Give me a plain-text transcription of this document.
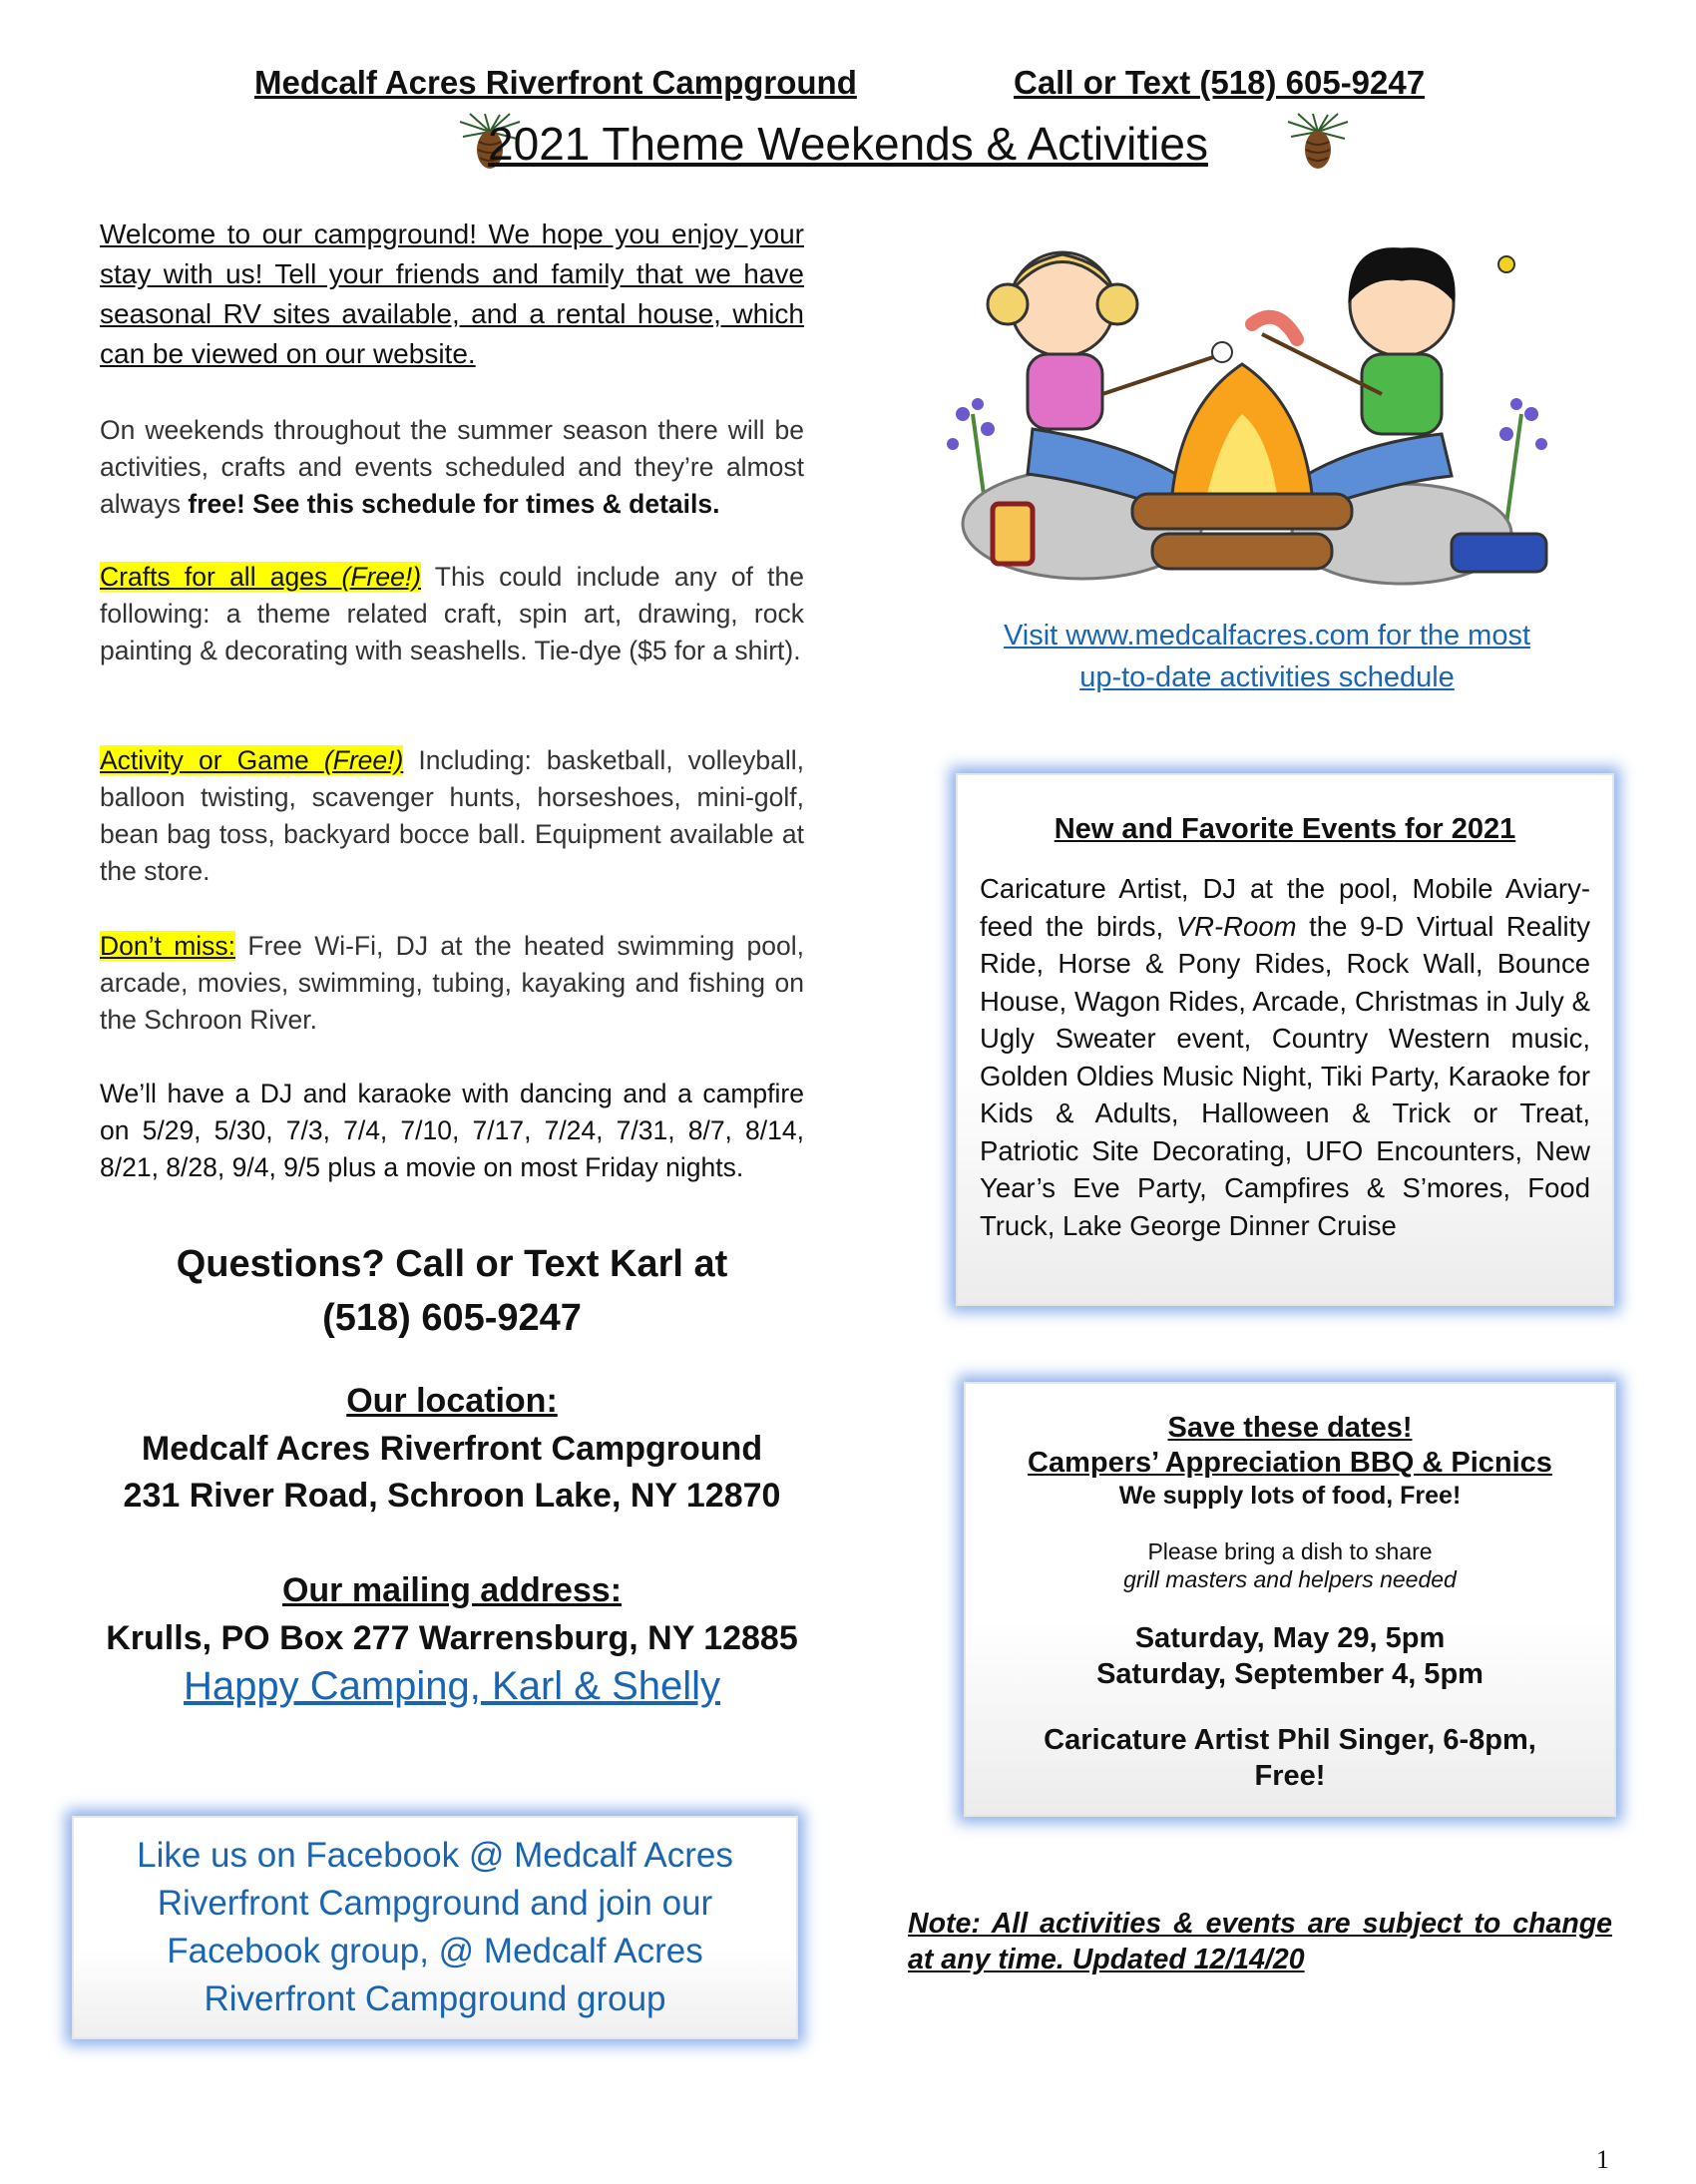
Medcalf Acres Riverfront Campground	Call or Text (518) 605-9247
2021 Theme Weekends & Activities

Welcome to our campground! We hope you enjoy your stay with us! Tell your friends and family that we have seasonal RV sites available, and a rental house, which can be viewed on our website.

On weekends throughout the summer season there will be activities, crafts and events scheduled and they’re almost always free! See this schedule for times & details.

Crafts for all ages (Free!) This could include any of the following: a theme related craft, spin art, drawing, rock painting & decorating with seashells. Tie-dye ($5 for a shirt).

Activity or Game (Free!) Including: basketball, volleyball, balloon twisting, scavenger hunts, horseshoes, mini-golf, bean bag toss, backyard bocce ball. Equipment available at the store.

Don’t miss: Free Wi-Fi, DJ at the heated swimming pool, arcade, movies, swimming, tubing, kayaking and fishing on the Schroon River.

We’ll have a DJ and karaoke with dancing and a campfire on 5/29, 5/30, 7/3, 7/4, 7/10, 7/17, 7/24, 7/31, 8/7, 8/14, 8/21, 8/28, 9/4, 9/5 plus a movie on most Friday nights.

Questions? Call or Text Karl at
(518) 605-9247
Our location:
Medcalf Acres Riverfront Campground
231 River Road, Schroon Lake, NY 12870
Our mailing address:
Krulls, PO Box 277 Warrensburg, NY 12885
Happy Camping, Karl & Shelly
Like us on Facebook @ Medcalf Acres Riverfront Campground and join our Facebook group, @ Medcalf Acres Riverfront Campground group
Visit www.medcalfacres.com for the most
up-to-date activities schedule
New and Favorite Events for 2021
Caricature Artist, DJ at the pool, Mobile Aviary-feed the birds, VR-Room the 9-D Virtual Reality Ride, Horse & Pony Rides, Rock Wall, Bounce House, Wagon Rides, Arcade, Christmas in July & Ugly Sweater event, Country Western music, Golden Oldies Music Night, Tiki Party, Karaoke for Kids & Adults, Halloween & Trick or Treat, Patriotic Site Decorating, UFO Encounters, New Year’s Eve Party, Campfires & S’mores, Food Truck, Lake George Dinner Cruise
Save these dates!
Campers’ Appreciation BBQ & Picnics
We supply lots of food, Free!
Please bring a dish to share
grill masters and helpers needed
Saturday, May 29, 5pm
Saturday, September 4, 5pm
Caricature Artist Phil Singer, 6-8pm,
Free!
Note: All activities & events are subject to change at any time. Updated 12/14/20
1
